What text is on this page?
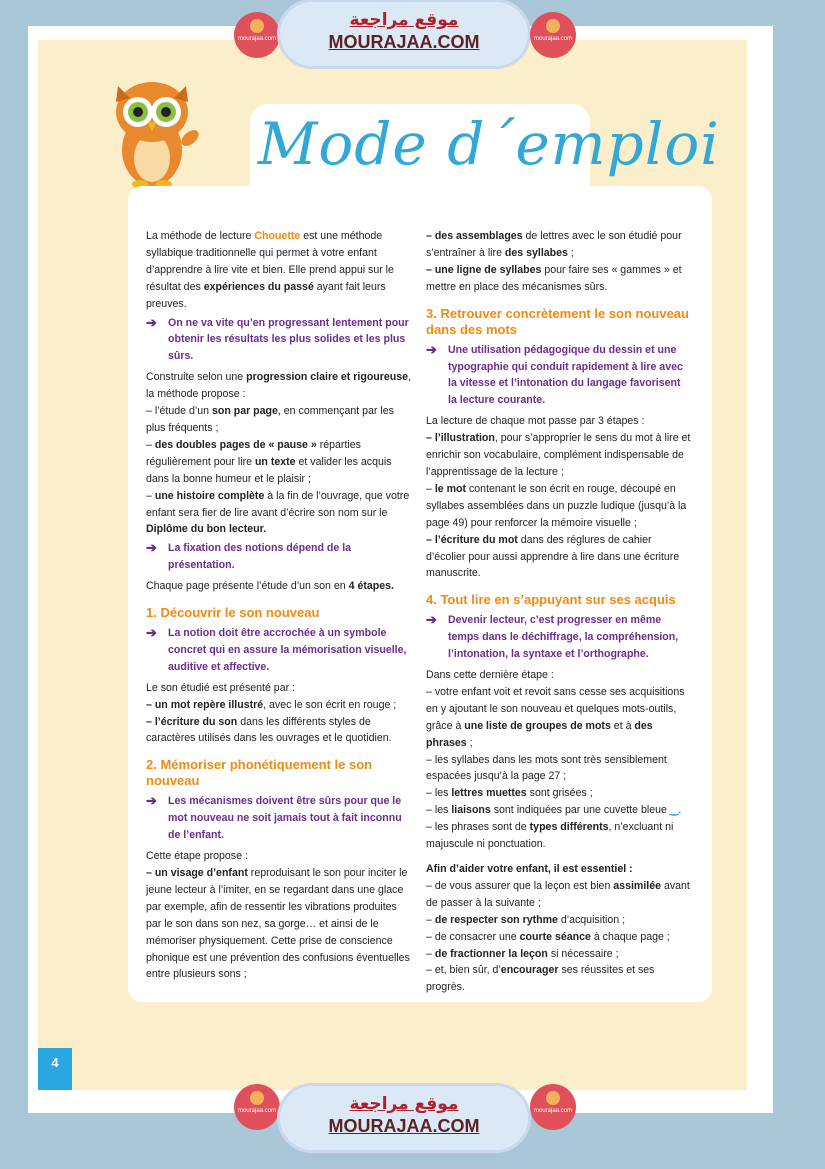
mourajaa.com
موقع مراجعة
MOURAJAA.COM	mourajaa.com
Mode d´emploi

La méthode de lecture Chouette est une méthode syllabique traditionnelle qui permet à votre enfant d’apprendre à lire vite et bien. Elle prend appui sur le résultat des expériences du passé ayant fait leurs preuves.

➔ On ne va vite qu’en progressant lentement pour obtenir les résultats les plus solides et les plus sûrs.

Construite selon une progression claire et rigoureuse, la méthode propose :

– l’étude d’un son par page, en commençant par les plus fréquents ;

– des doubles pages de « pause » réparties régulièrement pour lire un texte et valider les acquis dans la bonne humeur et le plaisir ;

– une histoire complète à la fin de l’ouvrage, que votre enfant sera fier de lire avant d’écrire son nom sur le Diplôme du bon lecteur.

➔ La fixation des notions dépend de la présentation.

Chaque page présente l’étude d’un son en 4 étapes.

1. Découvrir le son nouveau
➔ La notion doit être accrochée à un symbole concret qui en assure la mémorisation visuelle, auditive et affective.

Le son étudié est présenté par :

– un mot repère illustré, avec le son écrit en rouge ;

– l’écriture du son dans les différents styles de caractères utilisés dans les ouvrages et le quotidien.

2. Mémoriser phonétiquement le son nouveau
➔ Les mécanismes doivent être sûrs pour que le mot nouveau ne soit jamais tout à fait inconnu de l’enfant.

Cette étape propose :

– un visage d’enfant reproduisant le son pour inciter le jeune lecteur à l’imiter, en se regardant dans une glace par exemple, afin de ressentir les vibrations produites par le son dans son nez, sa gorge… et ainsi de le mémoriser physiquement. Cette prise de conscience phonique est une prévention des confusions éventuelles entre plusieurs sons ;

– des assemblages de lettres avec le son étudié pour s’entraîner à lire des syllabes ;

– une ligne de syllabes pour faire ses « gammes » et mettre en place des mécanismes sûrs.

3. Retrouver concrètement le son nouveau dans des mots
➔ Une utilisation pédagogique du dessin et une typographie qui conduit rapidement à lire avec la vitesse et l’intonation du langage favorisent la lecture courante.

La lecture de chaque mot passe par 3 étapes :

– l’illustration, pour s’approprier le sens du mot à lire et enrichir son vocabulaire, complément indispensable de l’apprentissage de la lecture ;

– le mot contenant le son écrit en rouge, découpé en syllabes assemblées dans un puzzle ludique (jusqu’à la page 49) pour renforcer la mémoire visuelle ;

– l’écriture du mot dans des réglures de cahier d’écolier pour aussi apprendre à lire dans une écriture manuscrite.

4. Tout lire en s’appuyant sur ses acquis
➔ Devenir lecteur, c’est progresser en même temps dans le déchiffrage, la compréhension, l’intonation, la syntaxe et l’orthographe.

Dans cette dernière étape :

– votre enfant voit et revoit sans cesse ses acquisitions en y ajoutant le son nouveau et quelques mots-outils, grâce à une liste de groupes de mots et à des phrases ;

– les syllabes dans les mots sont très sensiblement espacées jusqu’à la page 27 ;

– les lettres muettes sont grisées ;

– les liaisons sont indiquées par une cuvette bleue ‿.

– les phrases sont de types différents, n’excluant ni majuscule ni ponctuation.

Afin d’aider votre enfant, il est essentiel :

– de vous assurer que la leçon est bien assimilée avant de passer à la suivante ;

– de respecter son rythme d’acquisition ;

– de consacrer une courte séance à chaque page ;

– de fractionner la leçon si nécessaire ;

– et, bien sûr, d’encourager ses réussites et ses progrès.

4
mourajaa.com	موقع مراجعة
MOURAJAA.COM
mourajaa.com
